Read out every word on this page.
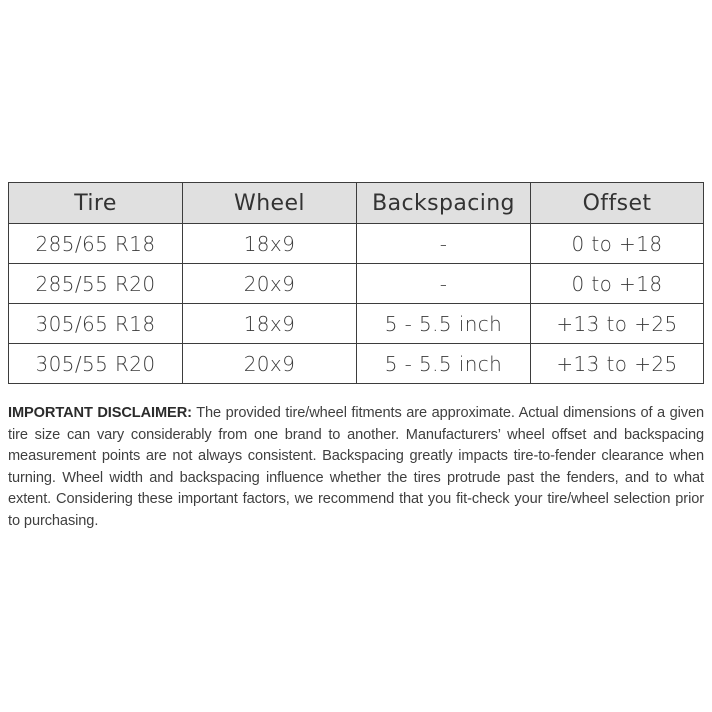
Tire	Wheel	Backspacing	Offset
285/65 R18	18x9	-	0 to +18
285/55 R20	20x9	-	0 to +18
305/65 R18	18x9	5 - 5.5 inch	+13 to +25
305/55 R20	20x9	5 - 5.5 inch	+13 to +25

IMPORTANT DISCLAIMER: The provided tire/wheel fitments are approximate. Actual dimensions of a given tire size can vary considerably from one brand to another. Manufacturers’ wheel offset and backspacing measurement points are not always consistent. Backspacing greatly impacts tire-to-fender clearance when turning. Wheel width and backspacing influence whether the tires protrude past the fenders, and to what extent. Considering these important factors, we recommend that you fit-check your tire/wheel selection prior to purchasing.
